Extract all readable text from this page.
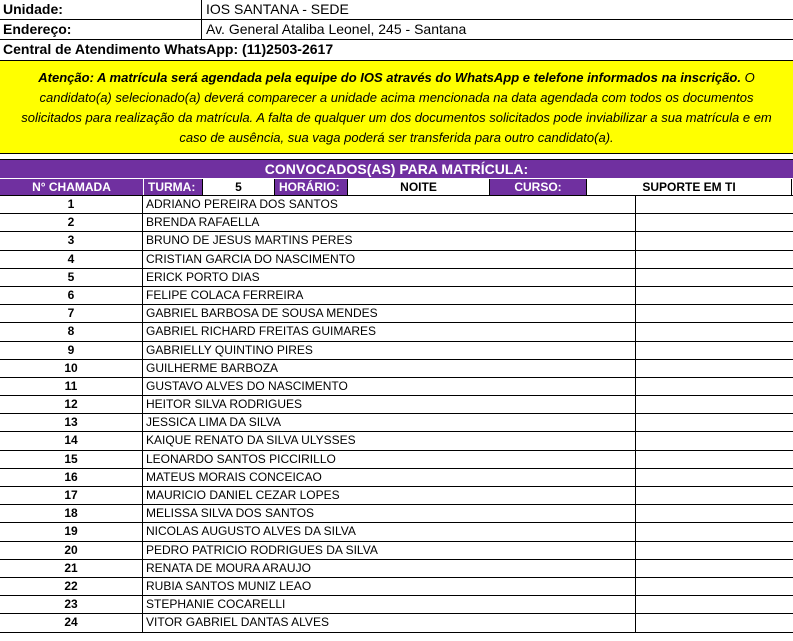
Unidade:	IOS SANTANA - SEDE
Endereço:	Av. General Ataliba Leonel, 245 - Santana
Central de Atendimento WhatsApp: (11)2503-2617
Atenção: A matrícula será agendada pela equipe do IOS através do WhatsApp e telefone informados na inscrição. O candidato(a) selecionado(a) deverá comparecer a unidade acima mencionada na data agendada com todos os documentos solicitados para realização da matrícula. A falta de qualquer um dos documentos solicitados pode inviabilizar a sua matrícula e em caso de ausência, sua vaga poderá ser transferida para outro candidato(a).
CONVOCADOS(AS) PARA MATRÍCULA:
N° CHAMADA	TURMA:	5	HORÁRIO:	NOITE	CURSO:	SUPORTE EM TI
1	ADRIANO PEREIRA DOS SANTOS
2	BRENDA RAFAELLA
3	BRUNO DE JESUS MARTINS PERES
4	CRISTIAN GARCIA DO NASCIMENTO
5	ERICK PORTO DIAS
6	FELIPE COLACA FERREIRA
7	GABRIEL BARBOSA DE SOUSA MENDES
8	GABRIEL RICHARD FREITAS GUIMARES
9	GABRIELLY QUINTINO PIRES
10	GUILHERME BARBOZA
11	GUSTAVO ALVES DO NASCIMENTO
12	HEITOR SILVA RODRIGUES
13	JESSICA LIMA DA SILVA
14	KAIQUE RENATO DA SILVA ULYSSES
15	LEONARDO SANTOS PICCIRILLO
16	MATEUS MORAIS CONCEICAO
17	MAURICIO DANIEL CEZAR LOPES
18	MELISSA SILVA DOS SANTOS
19	NICOLAS AUGUSTO ALVES DA SILVA
20	PEDRO PATRICIO RODRIGUES DA SILVA
21	RENATA DE MOURA ARAUJO
22	RUBIA SANTOS MUNIZ LEAO
23	STEPHANIE COCARELLI
24	VITOR GABRIEL DANTAS ALVES
